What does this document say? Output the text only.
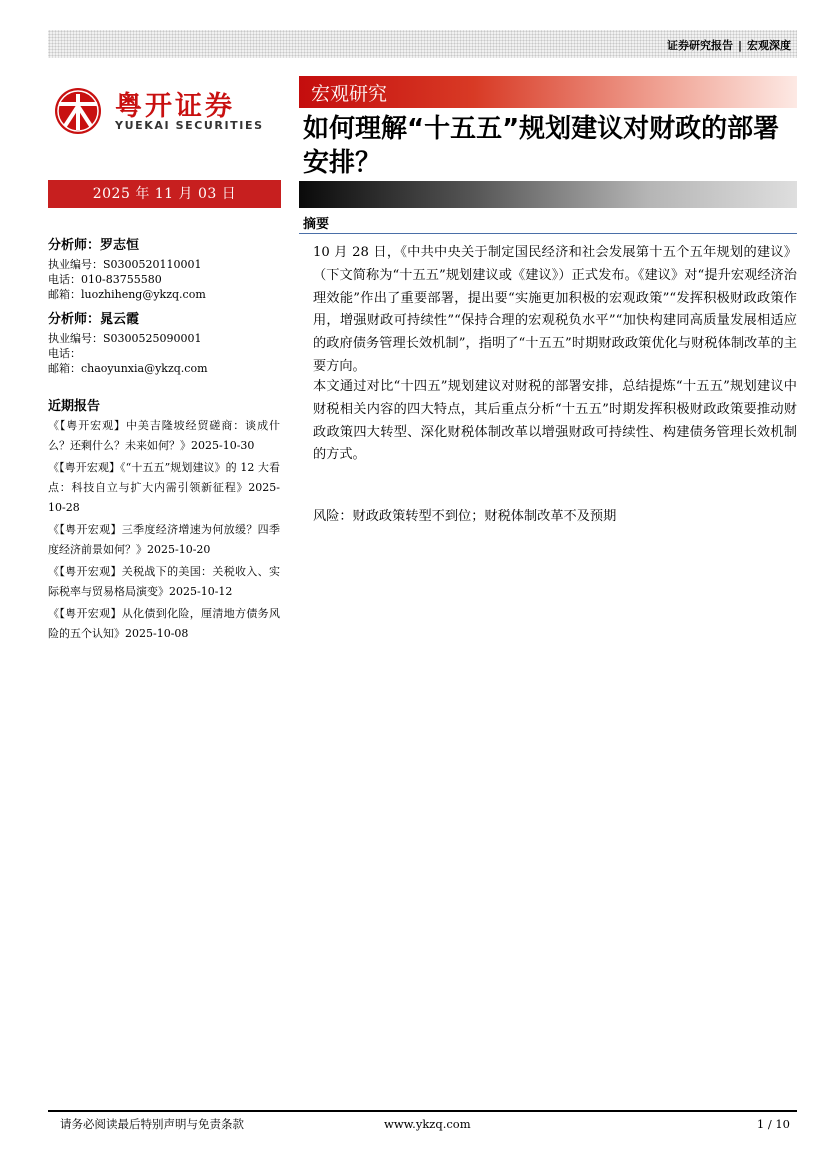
证券研究报告 | 宏观深度
粤开证券
YUEKAI SECURITIES
宏观研究
如何理解“十五五”规划建议对财政的部署安排？
2025 年 11 月 03 日
分析师：罗志恒
执业编号：S0300520110001
电话：010-83755580
邮箱：luozhiheng@ykzq.com
分析师：晁云霞
执业编号：S0300525090001
电话：
邮箱：chaoyunxia@ykzq.com
近期报告
《【粤开宏观】中美吉隆坡经贸磋商：谈成什么？还剩什么？未来如何？》2025-10-30
《【粤开宏观】《“十五五”规划建议》的 12 大看点：科技自立与扩大内需引领新征程》2025-10-28
《【粤开宏观】三季度经济增速为何放缓？四季度经济前景如何？》2025-10-20
《【粤开宏观】关税战下的美国：关税收入、实际税率与贸易格局演变》2025-10-12
《【粤开宏观】从化债到化险，厘清地方债务风险的五个认知》2025-10-08
摘要
10 月 28 日，《中共中央关于制定国民经济和社会发展第十五个五年规划的建议》（下文简称为“十五五”规划建议或《建议》）正式发布。《建议》对“提升宏观经济治理效能”作出了重要部署，提出要“实施更加积极的宏观政策”“发挥积极财政政策作用，增强财政可持续性”“保持合理的宏观税负水平”“加快构建同高质量发展相适应的政府债务管理长效机制”，指明了“十五五”时期财政政策优化与财税体制改革的主要方向。
本文通过对比“十四五”规划建议对财税的部署安排，总结提炼“十五五”规划建议中财税相关内容的四大特点，其后重点分析“十五五”时期发挥积极财政政策要推动财政政策四大转型、深化财税体制改革以增强财政可持续性、构建债务管理长效机制的方式。
风险：财政政策转型不到位；财税体制改革不及预期
请务必阅读最后特别声明与免责条款	www.ykzq.com	1 / 10
